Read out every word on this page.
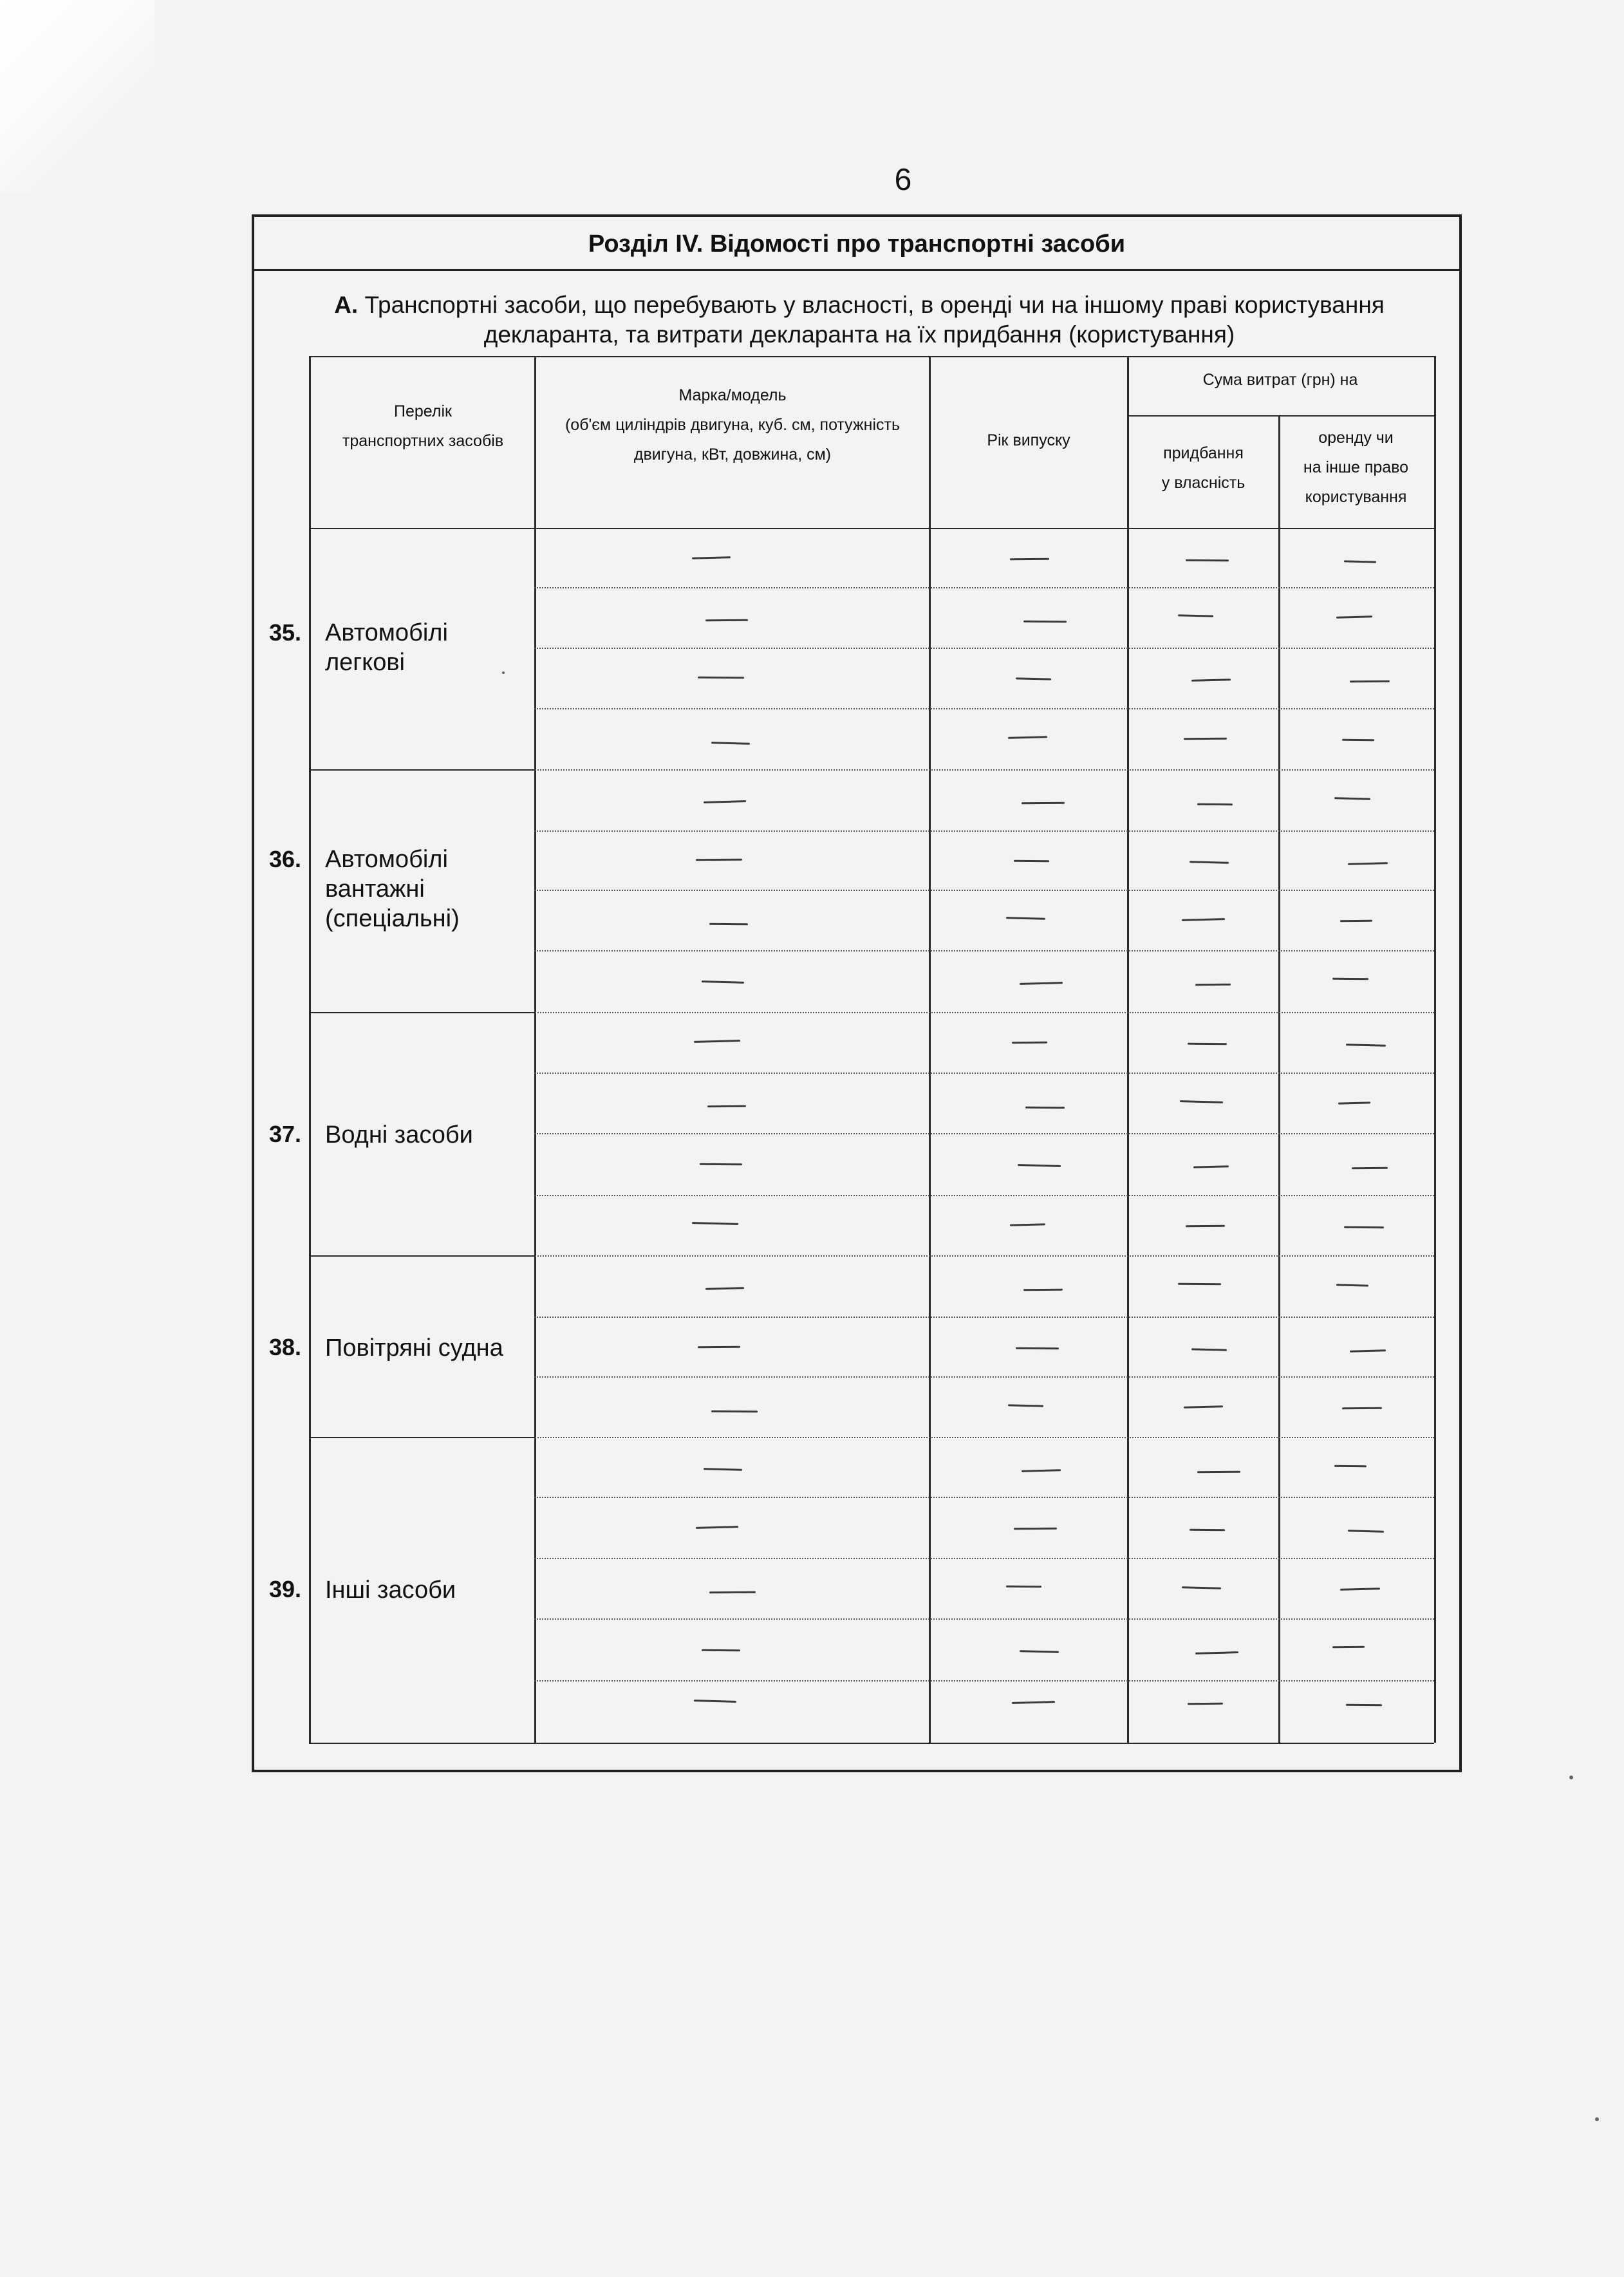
6
Розділ IV. Відомості про транспортні засоби
А. Транспортні засоби, що перебувають у власності, в оренді чи на іншому праві користування
декларанта, та витрати декларанта на їх придбання (користування)
Перелік
транспортних засобів
Марка/модель
(об'єм циліндрів двигуна, куб. см, потужність
двигуна, кВт, довжина, см)
Рік випуску
Сума витрат (грн) на
придбання
у власність
оренду чи
на інше право
користування
35. Автомобілі
легкові
36. Автомобілі
вантажні
(спеціальні)
37. Водні засоби
38. Повітряні судна
39. Інші засоби
